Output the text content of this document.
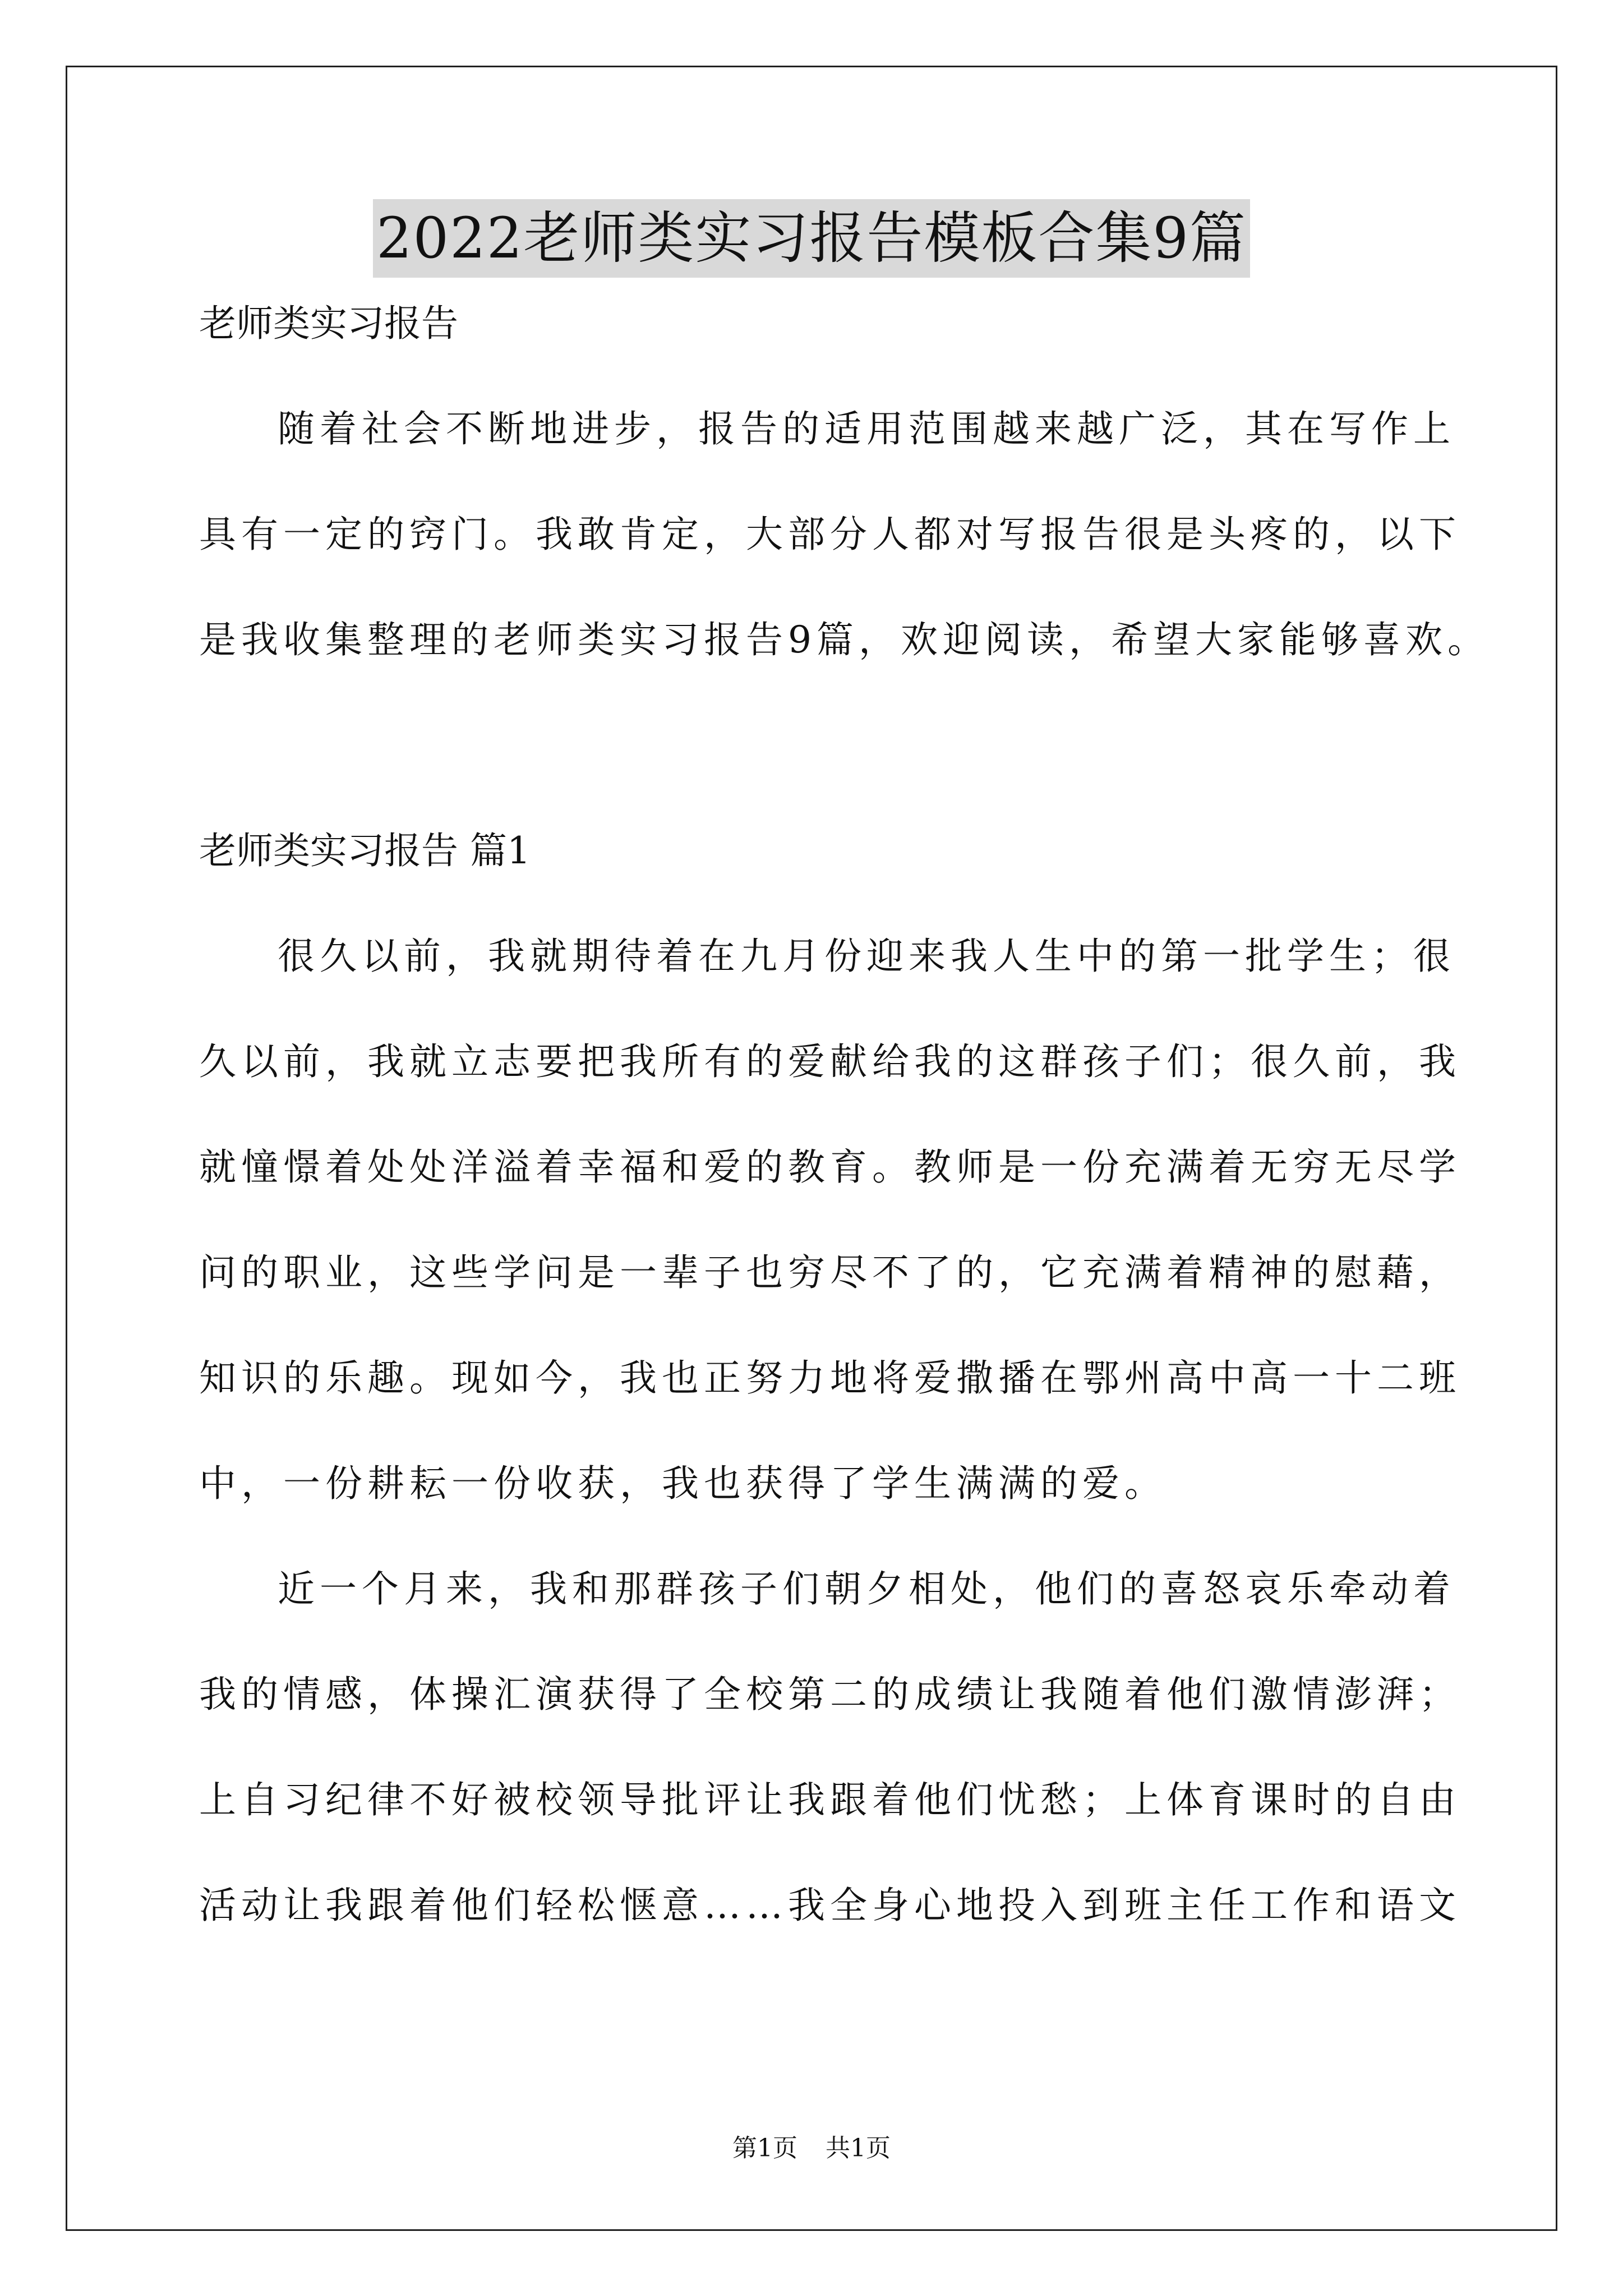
2022老师类实习报告模板合集9篇

老师类实习报告

随着社会不断地进步，报告的适用范围越来越广泛，其在写作上
具有一定的窍门。我敢肯定，大部分人都对写报告很是头疼的，以下
是我收集整理的老师类实习报告9篇，欢迎阅读，希望大家能够喜欢。

老师类实习报告 篇1

很久以前，我就期待着在九月份迎来我人生中的第一批学生；很
久以前，我就立志要把我所有的爱献给我的这群孩子们；很久前，我
就憧憬着处处洋溢着幸福和爱的教育。教师是一份充满着无穷无尽学
问的职业，这些学问是一辈子也穷尽不了的，它充满着精神的慰藉，
知识的乐趣。现如今，我也正努力地将爱撒播在鄂州高中高一十二班
中，一份耕耘一份收获，我也获得了学生满满的爱。
近一个月来，我和那群孩子们朝夕相处，他们的喜怒哀乐牵动着
我的情感，体操汇演获得了全校第二的成绩让我随着他们激情澎湃；
上自习纪律不好被校领导批评让我跟着他们忧愁；上体育课时的自由
活动让我跟着他们轻松惬意……我全身心地投入到班主任工作和语文
第1页 共1页
